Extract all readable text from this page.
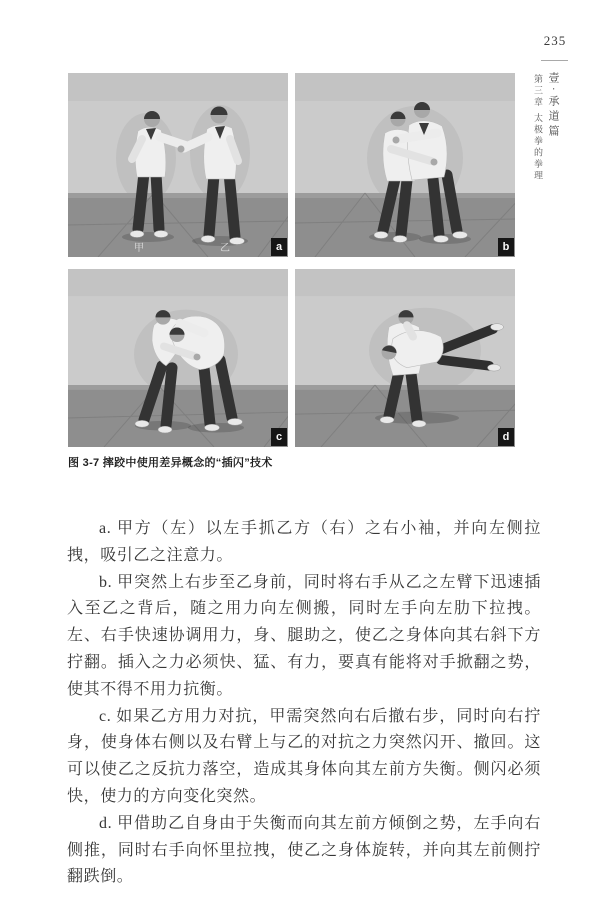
235
壹·承道篇
第三章 太极拳的拳理
甲	乙	a	b
c	d
图 3-7 摔跤中使用差异概念的“插闪”技术

a. 甲方（左）以左手抓乙方（右）之右小袖，并向左侧拉拽，吸引乙之注意力。

b. 甲突然上右步至乙身前，同时将右手从乙之左臂下迅速插入至乙之背后，随之用力向左侧搬，同时左手向左肋下拉拽。左、右手快速协调用力，身、腿助之，使乙之身体向其右斜下方拧翻。插入之力必须快、猛、有力，要真有能将对手掀翻之势，使其不得不用力抗衡。

c. 如果乙方用力对抗，甲需突然向右后撤右步，同时向右拧身，使身体右侧以及右臂上与乙的对抗之力突然闪开、撤回。这可以使乙之反抗力落空，造成其身体向其左前方失衡。侧闪必须快，使力的方向变化突然。

d. 甲借助乙自身由于失衡而向其左前方倾倒之势，左手向右侧推，同时右手向怀里拉拽，使乙之身体旋转，并向其左前侧拧翻跌倒。
